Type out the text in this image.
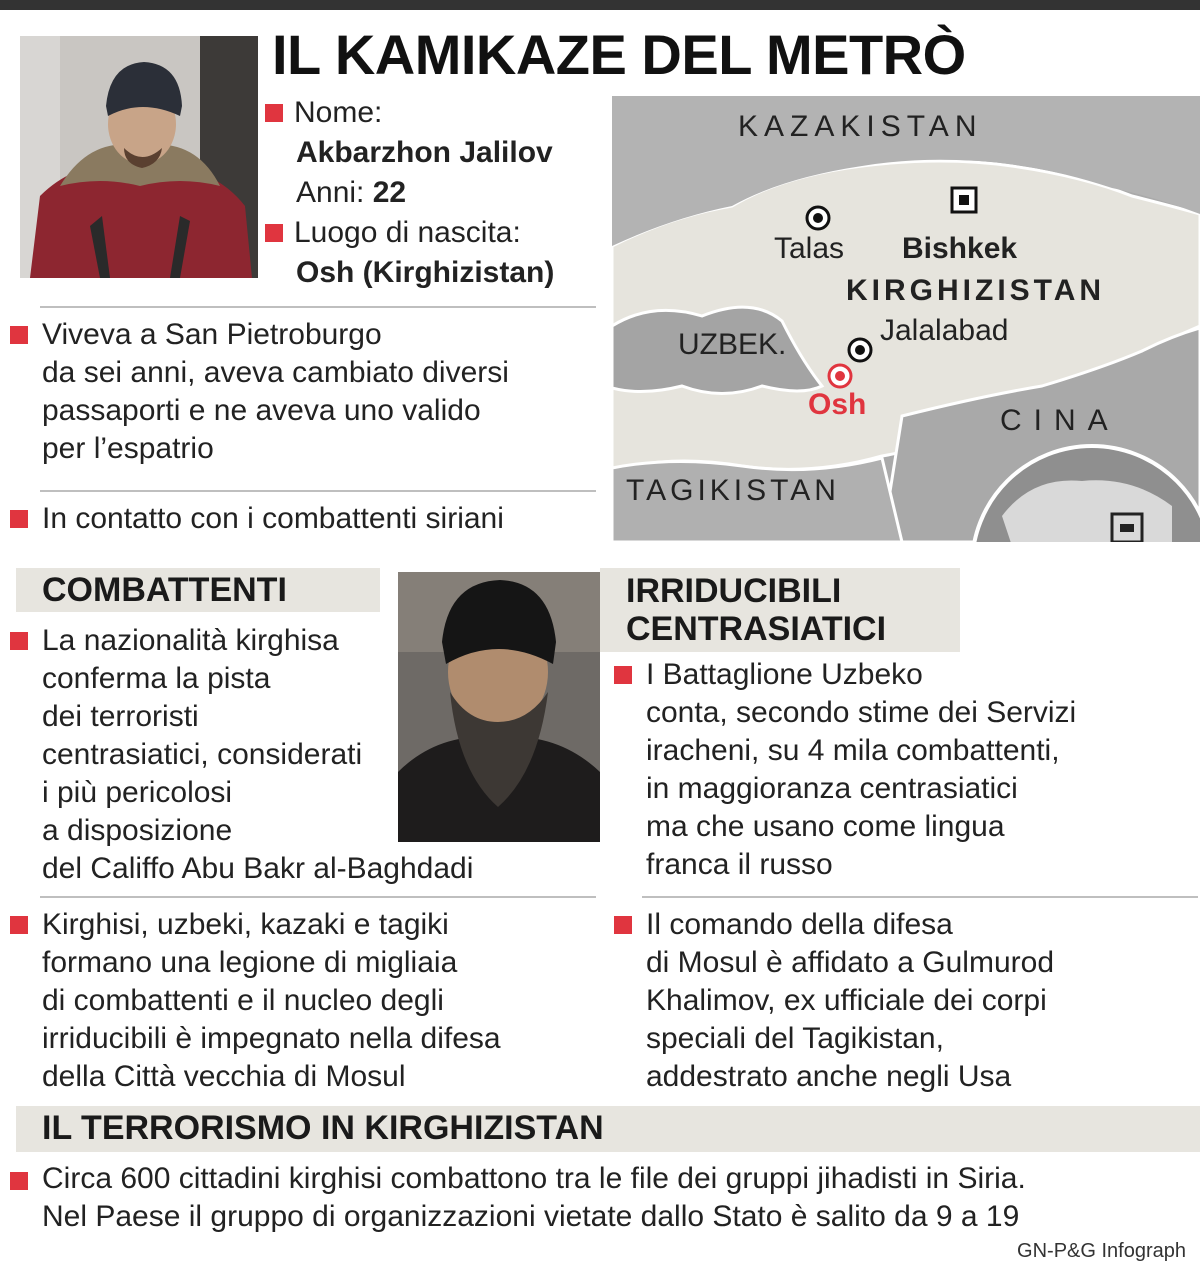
IL KAMIKAZE DEL METRÒ
Nome:
Akbarzhon Jalilov
Anni: 22
Luogo di nascita:
Osh (Kirghizistan)
Viveva a San Pietroburgo
da sei anni, aveva cambiato diversi
passaporti e ne aveva uno valido
per l’espatrio
In contatto con i combattenti siriani
KAZAKISTAN
Talas Bishkek
KIRGHIZISTAN
UZBEK.	Jalalabad
Osh	CINA
TAGIKISTAN
COMBATTENTI
La nazionalità kirghisa
conferma la pista
dei terroristi
centrasiatici, considerati
i più pericolosi
a disposizione
del Califfo Abu Bakr al-Baghdadi
Kirghisi, uzbeki, kazaki e tagiki
formano una legione di migliaia
di combattenti e il nucleo degli
irriducibili è impegnato nella difesa
della Città vecchia di Mosul
IRRIDUCIBILI
CENTRASIATICI
I Battaglione Uzbeko
conta, secondo stime dei Servizi
iracheni, su 4 mila combattenti,
in maggioranza centrasiatici
ma che usano come lingua
franca il russo
Il comando della difesa
di Mosul è affidato a Gulmurod
Khalimov, ex ufficiale dei corpi
speciali del Tagikistan,
addestrato anche negli Usa
IL TERRORISMO IN KIRGHIZISTAN
Circa 600 cittadini kirghisi combattono tra le file dei gruppi jihadisti in Siria.
Nel Paese il gruppo di organizzazioni vietate dallo Stato è salito da 9 a 19
GN-P&G Infograph
